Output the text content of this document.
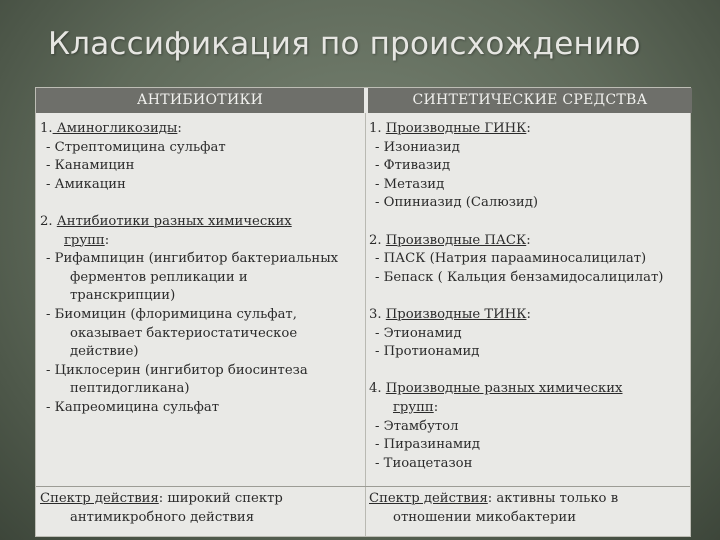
Классификация по происхождению
АНТИБИОТИКИ	СИНТЕТИЧЕСКИЕ СРЕДСТВА
1. Аминогликозиды:
- Стрептомицина сульфат
- Канамицин
- Амикацин
2. Антибиотики разных химических
групп:
- Рифампицин (ингибитор бактериальных
ферментов репликации и
транскрипции)
- Биомицин (флоримицина сульфат,
оказывает бактериостатическое
действие)
- Циклосерин (ингибитор биосинтеза
пептидогликана)
- Капреомицина сульфат
Спектр действия: широкий спектр
антимикробного действия
1. Производные ГИНК:
- Изониазид
- Фтивазид
- Метазид
- Опиниазид (Салюзид)
2. Производные ПАСК:
- ПАСК (Натрия парааминосалицилат)
- Бепаск ( Кальция бензамидосалицилат)
3. Производные ТИНК:
- Этионамид
- Протионамид
4. Производные разных химических
групп:
- Этамбутол
- Пиразинамид
- Тиоацетазон
Спектр действия: активны только в
отношении микобактерии
